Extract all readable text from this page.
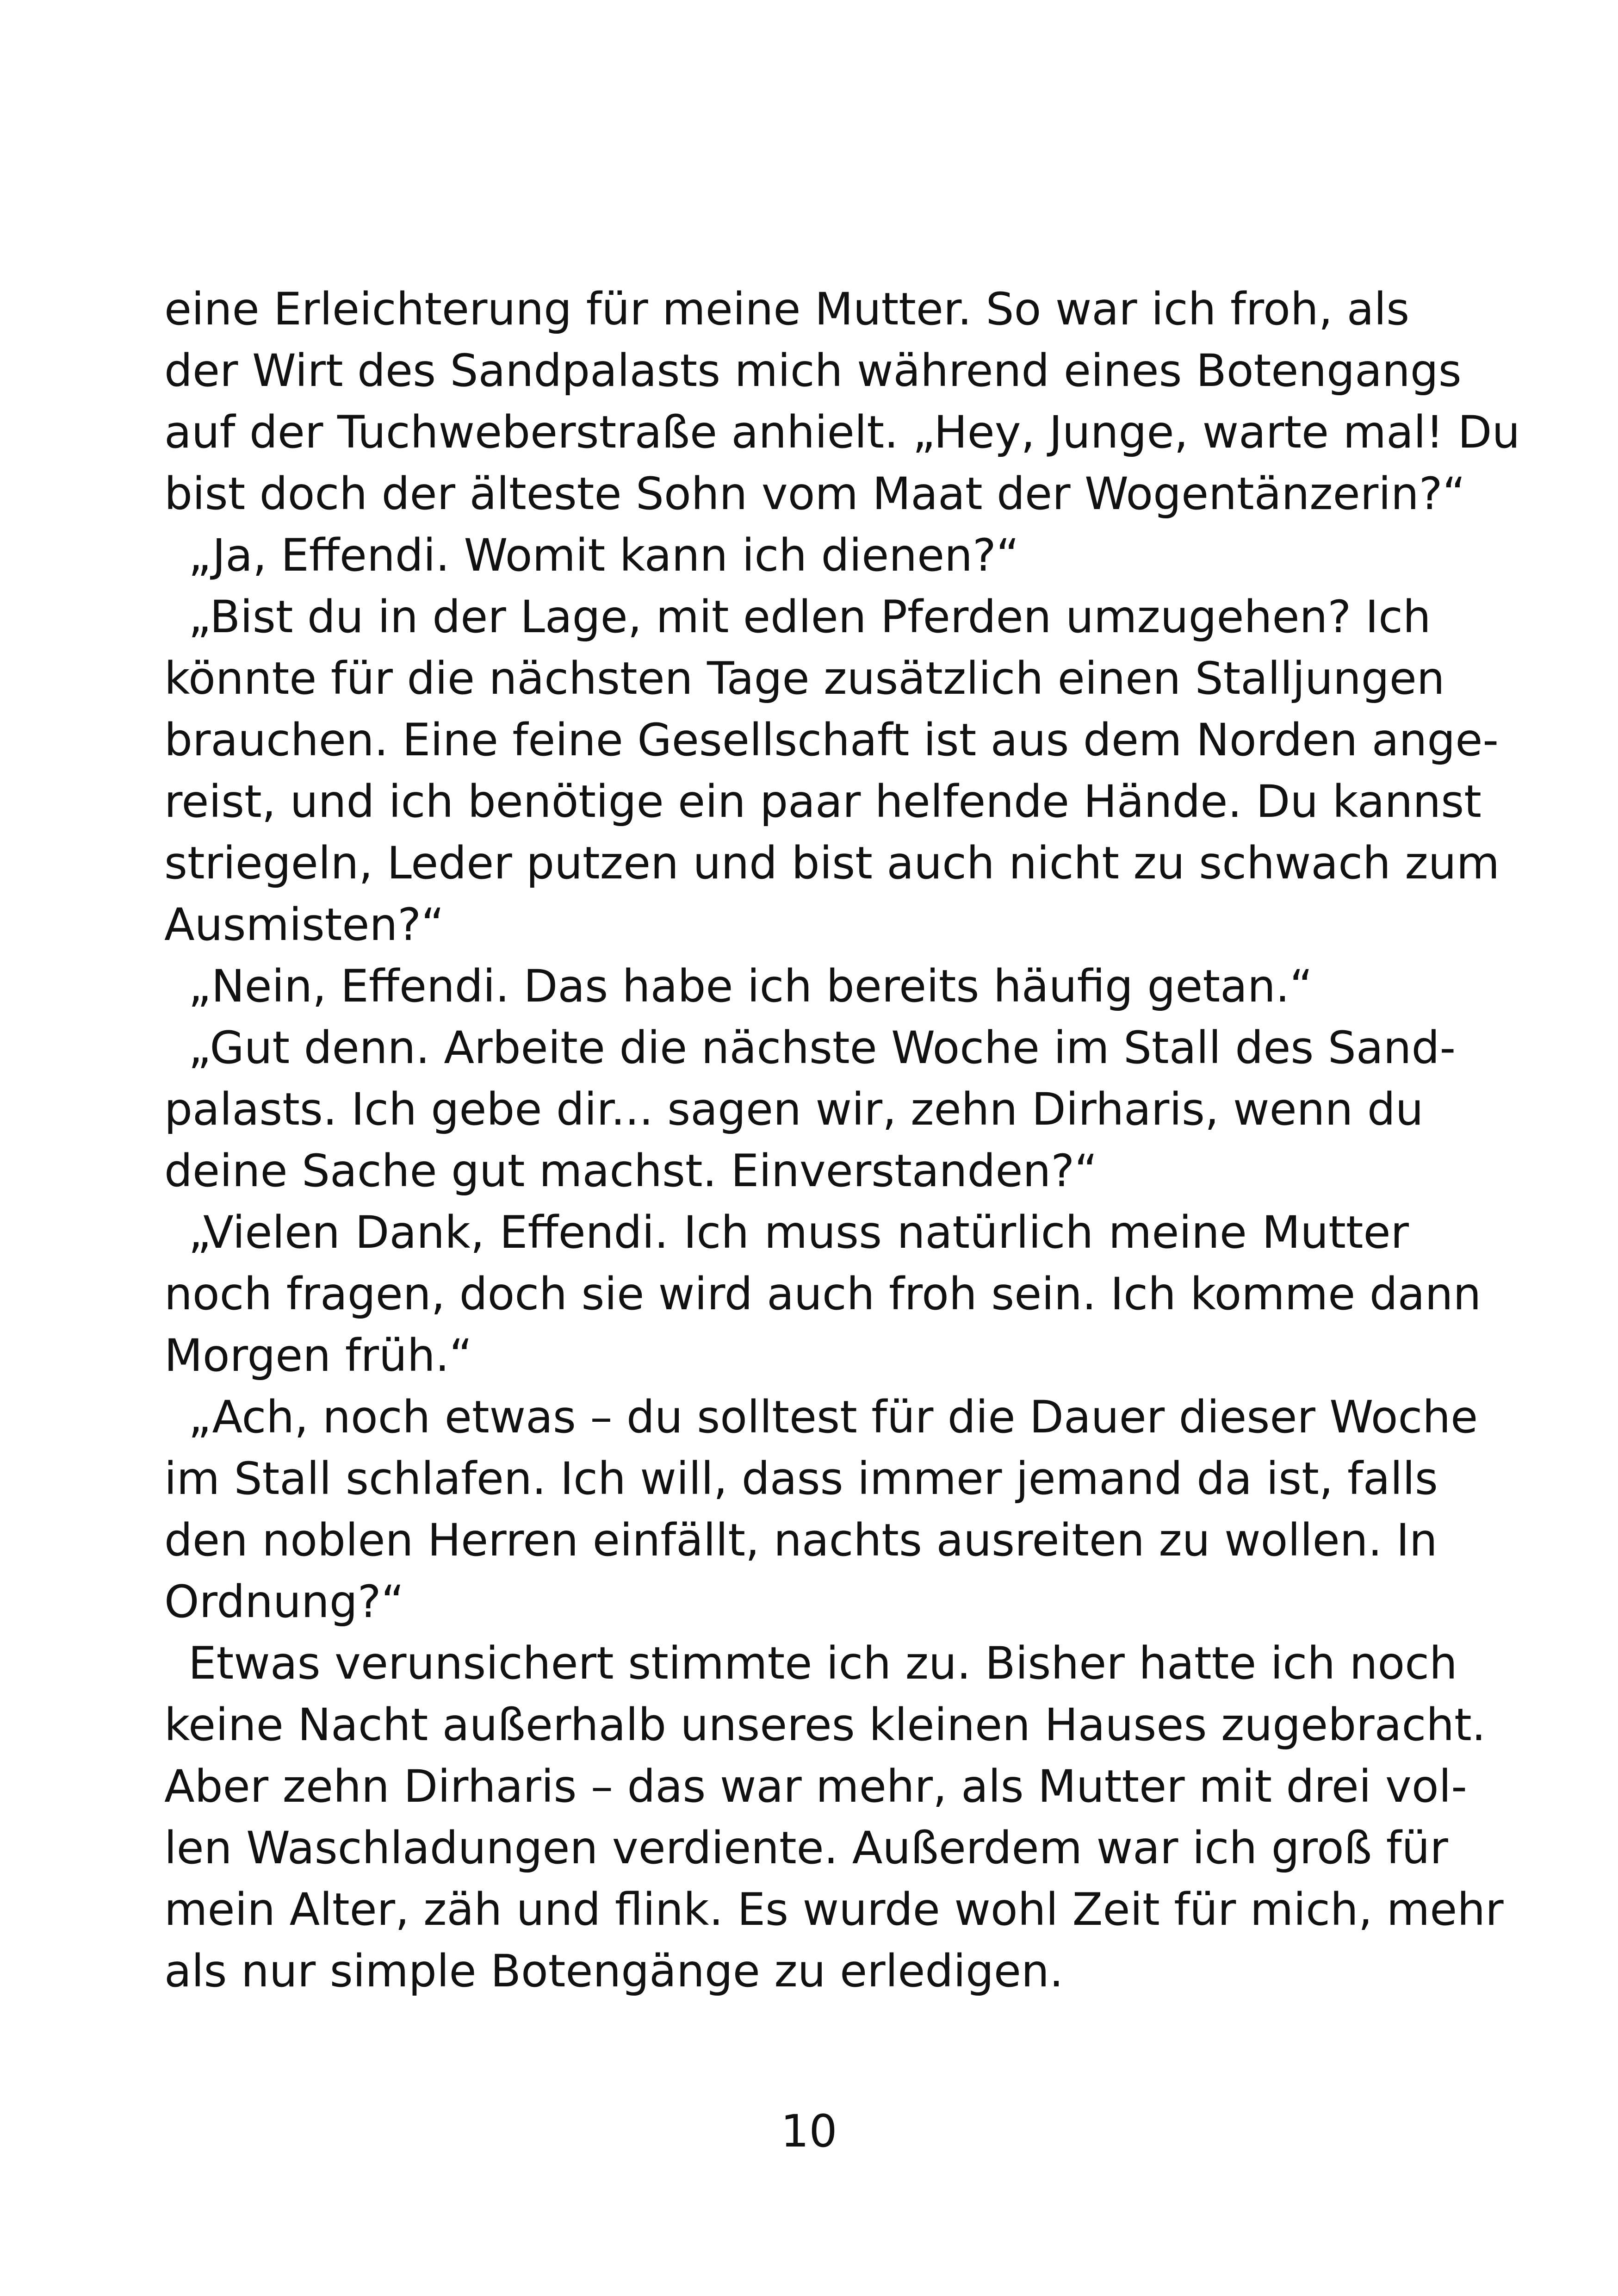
eine Erleichterung für meine Mutter. So war ich froh, als
der Wirt des Sandpalasts mich während eines Botengangs
auf der Tuchweberstraße anhielt. „Hey, Junge, warte mal! Du
bist doch der älteste Sohn vom Maat der Wogentänzerin?“
„Ja, Effendi. Womit kann ich dienen?“
„Bist du in der Lage, mit edlen Pferden umzugehen? Ich
könnte für die nächsten Tage zusätzlich einen Stalljungen
brauchen. Eine feine Gesellschaft ist aus dem Norden ange-
reist, und ich benötige ein paar helfende Hände. Du kannst
striegeln, Leder putzen und bist auch nicht zu schwach zum
Ausmisten?“
„Nein, Effendi. Das habe ich bereits häufig getan.“
„Gut denn. Arbeite die nächste Woche im Stall des Sand-
palasts. Ich gebe dir... sagen wir, zehn Dirharis, wenn du
deine Sache gut machst. Einverstanden?“
„Vielen Dank, Effendi. Ich muss natürlich meine Mutter
noch fragen, doch sie wird auch froh sein. Ich komme dann
Morgen früh.“
„Ach, noch etwas – du solltest für die Dauer dieser Woche
im Stall schlafen. Ich will, dass immer jemand da ist, falls
den noblen Herren einfällt, nachts ausreiten zu wollen. In
Ordnung?“
Etwas verunsichert stimmte ich zu. Bisher hatte ich noch
keine Nacht außerhalb unseres kleinen Hauses zugebracht.
Aber zehn Dirharis – das war mehr, als Mutter mit drei vol-
len Waschladungen verdiente. Außerdem war ich groß für
mein Alter, zäh und flink. Es wurde wohl Zeit für mich, mehr
als nur simple Botengänge zu erledigen.
10
